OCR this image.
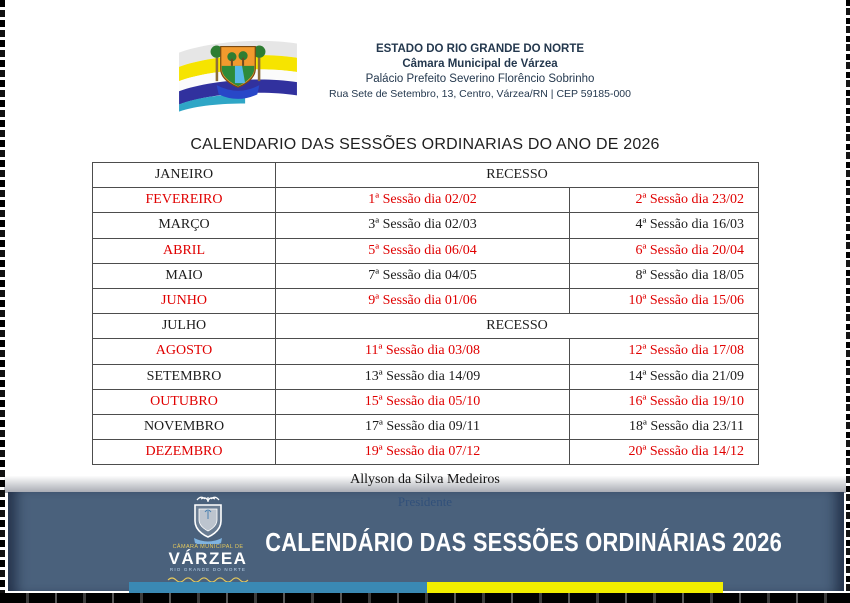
ESTADO DO RIO GRANDE DO NORTE
Câmara Municipal de Várzea
Palácio Prefeito Severino Florêncio Sobrinho
Rua Sete de Setembro, 13, Centro, Várzea/RN | CEP 59185-000
CALENDARIO DAS SESSÕES ORDINARIAS DO ANO DE 2026
JANEIRO	RECESSO	
FEVEREIRO	1ª Sessão dia 02/02	2ª Sessão dia 23/02
MARÇO	3ª Sessão dia 02/03	4ª Sessão dia 16/03
ABRIL	5ª Sessão dia 06/04	6ª Sessão dia 20/04
MAIO	7ª Sessão dia 04/05	8ª Sessão dia 18/05
JUNHO	9ª Sessão dia 01/06	10ª Sessão dia 15/06
JULHO	RECESSO	
AGOSTO	11ª Sessão dia 03/08	12ª Sessão dia 17/08
SETEMBRO	13ª Sessão dia 14/09	14ª Sessão dia 21/09
OUTUBRO	15ª Sessão dia 05/10	16ª Sessão dia 19/10
NOVEMBRO	17ª Sessão dia 09/11	18ª Sessão dia 23/11
DEZEMBRO	19ª Sessão dia 07/12	20ª Sessão dia 14/12
Allyson da Silva Medeiros
Presidente
CÂMARA MUNICIPAL DE
VÁRZEA
RIO GRANDE DO NORTE
CALENDÁRIO DAS SESSÕES ORDINÁRIAS 2026
